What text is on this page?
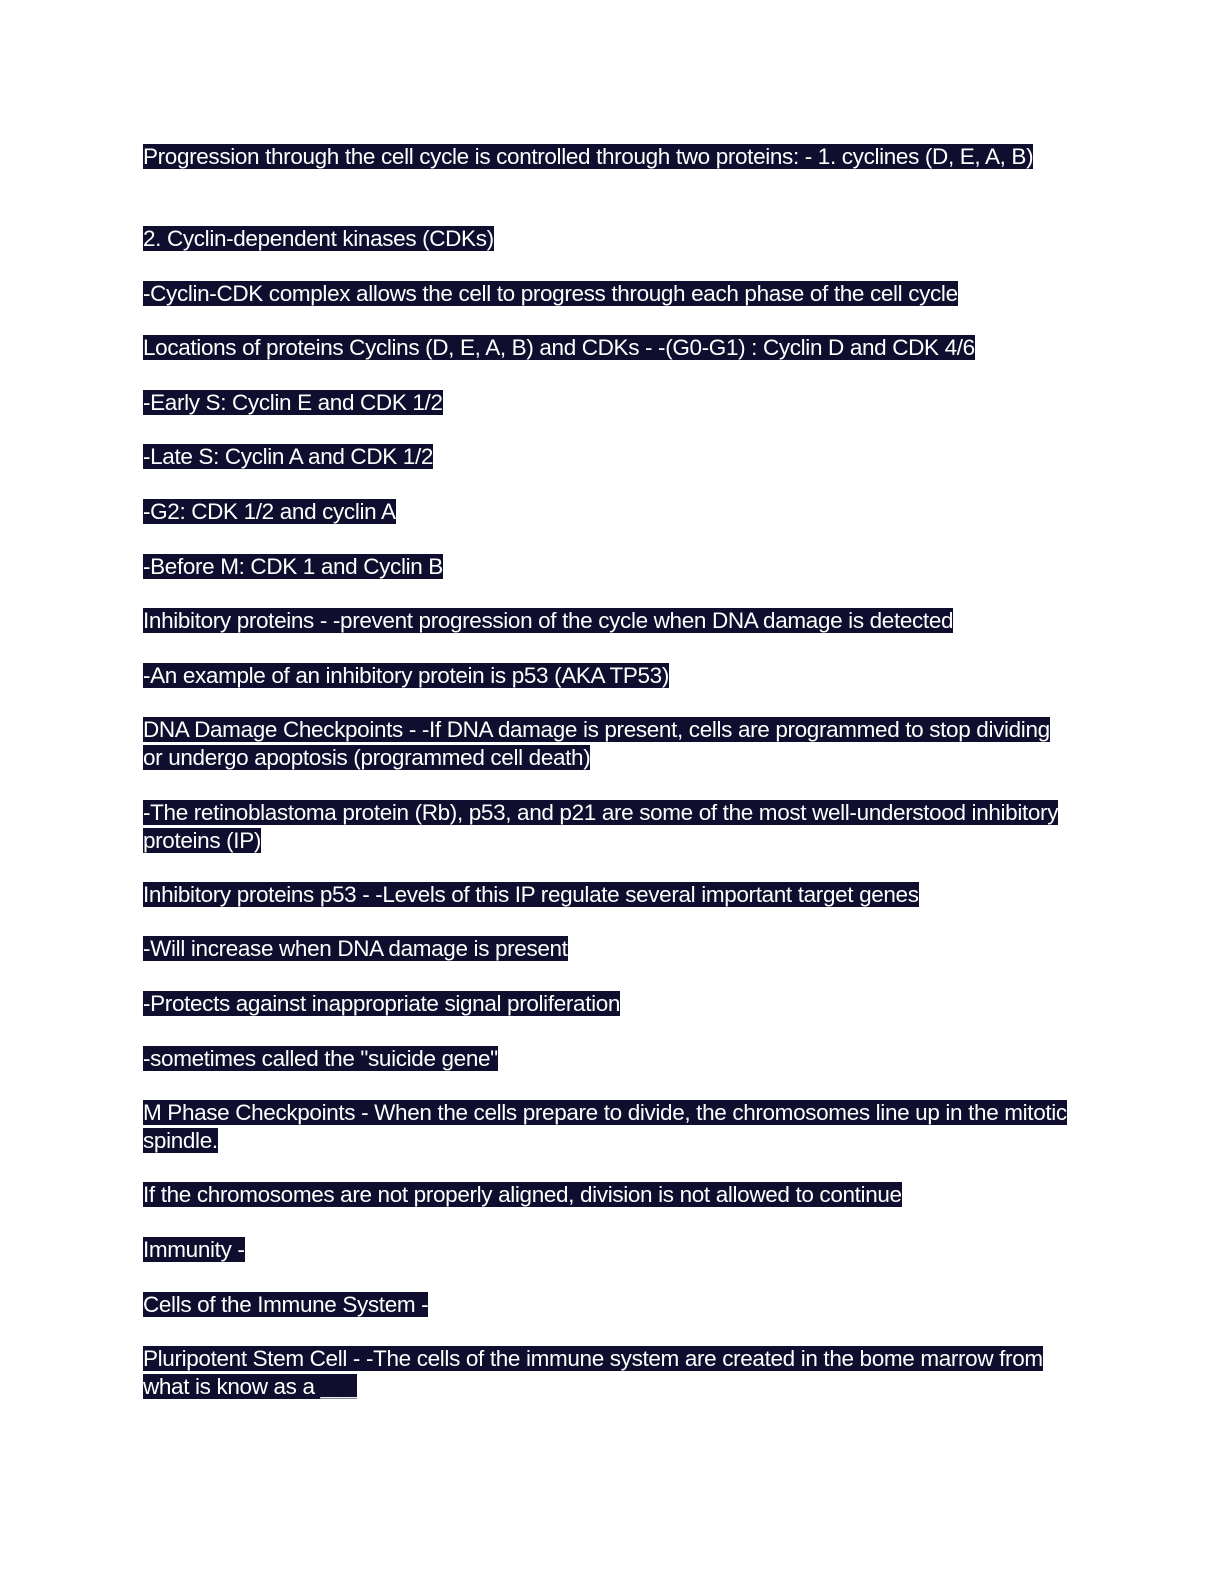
Progression through the cell cycle is controlled through two proteins: - 1. cyclines (D, E, A, B)

2. Cyclin-dependent kinases (CDKs)

-Cyclin-CDK complex allows the cell to progress through each phase of the cell cycle

Locations of proteins Cyclins (D, E, A, B) and CDKs - -(G0-G1) : Cyclin D and CDK 4/6

-Early S: Cyclin E and CDK 1/2

-Late S: Cyclin A and CDK 1/2

-G2: CDK 1/2 and cyclin A

-Before M: CDK 1 and Cyclin B

Inhibitory proteins - -prevent progression of the cycle when DNA damage is detected

-An example of an inhibitory protein is p53 (AKA TP53)

DNA Damage Checkpoints - -If DNA damage is present, cells are programmed to stop dividing or undergo apoptosis (programmed cell death)

-The retinoblastoma protein (Rb), p53, and p21 are some of the most well-understood inhibitory proteins (IP)

Inhibitory proteins p53 - -Levels of this IP regulate several important target genes

-Will increase when DNA damage is present

-Protects against inappropriate signal proliferation

-sometimes called the "suicide gene"

M Phase Checkpoints - When the cells prepare to divide, the chromosomes line up in the mitotic spindle.

If the chromosomes are not properly aligned, division is not allowed to continue

Immunity -

Cells of the Immune System -

Pluripotent Stem Cell - -The cells of the immune system are created in the bome marrow from what is know as a ___
